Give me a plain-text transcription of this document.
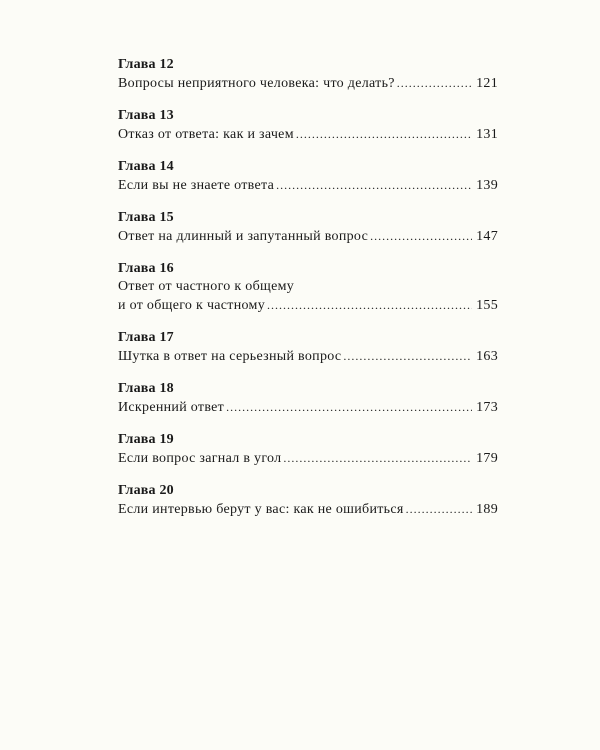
Глава 12
Вопросы неприятного человека: что делать? . . .	121
Глава 13
Отказ от ответа: как и зачем . . .	131
Глава 14
Если вы не знаете ответа . . .	139
Глава 15
Ответ на длинный и запутанный вопрос . . .	147
Глава 16
Ответ от частного к общему
и от общего к частному . . .	155
Глава 17
Шутка в ответ на серьезный вопрос . . .	163
Глава 18
Искренний ответ . . .	173
Глава 19
Если вопрос загнал в угол . . .	179
Глава 20
Если интервью берут у вас: как не ошибиться . . .	189
